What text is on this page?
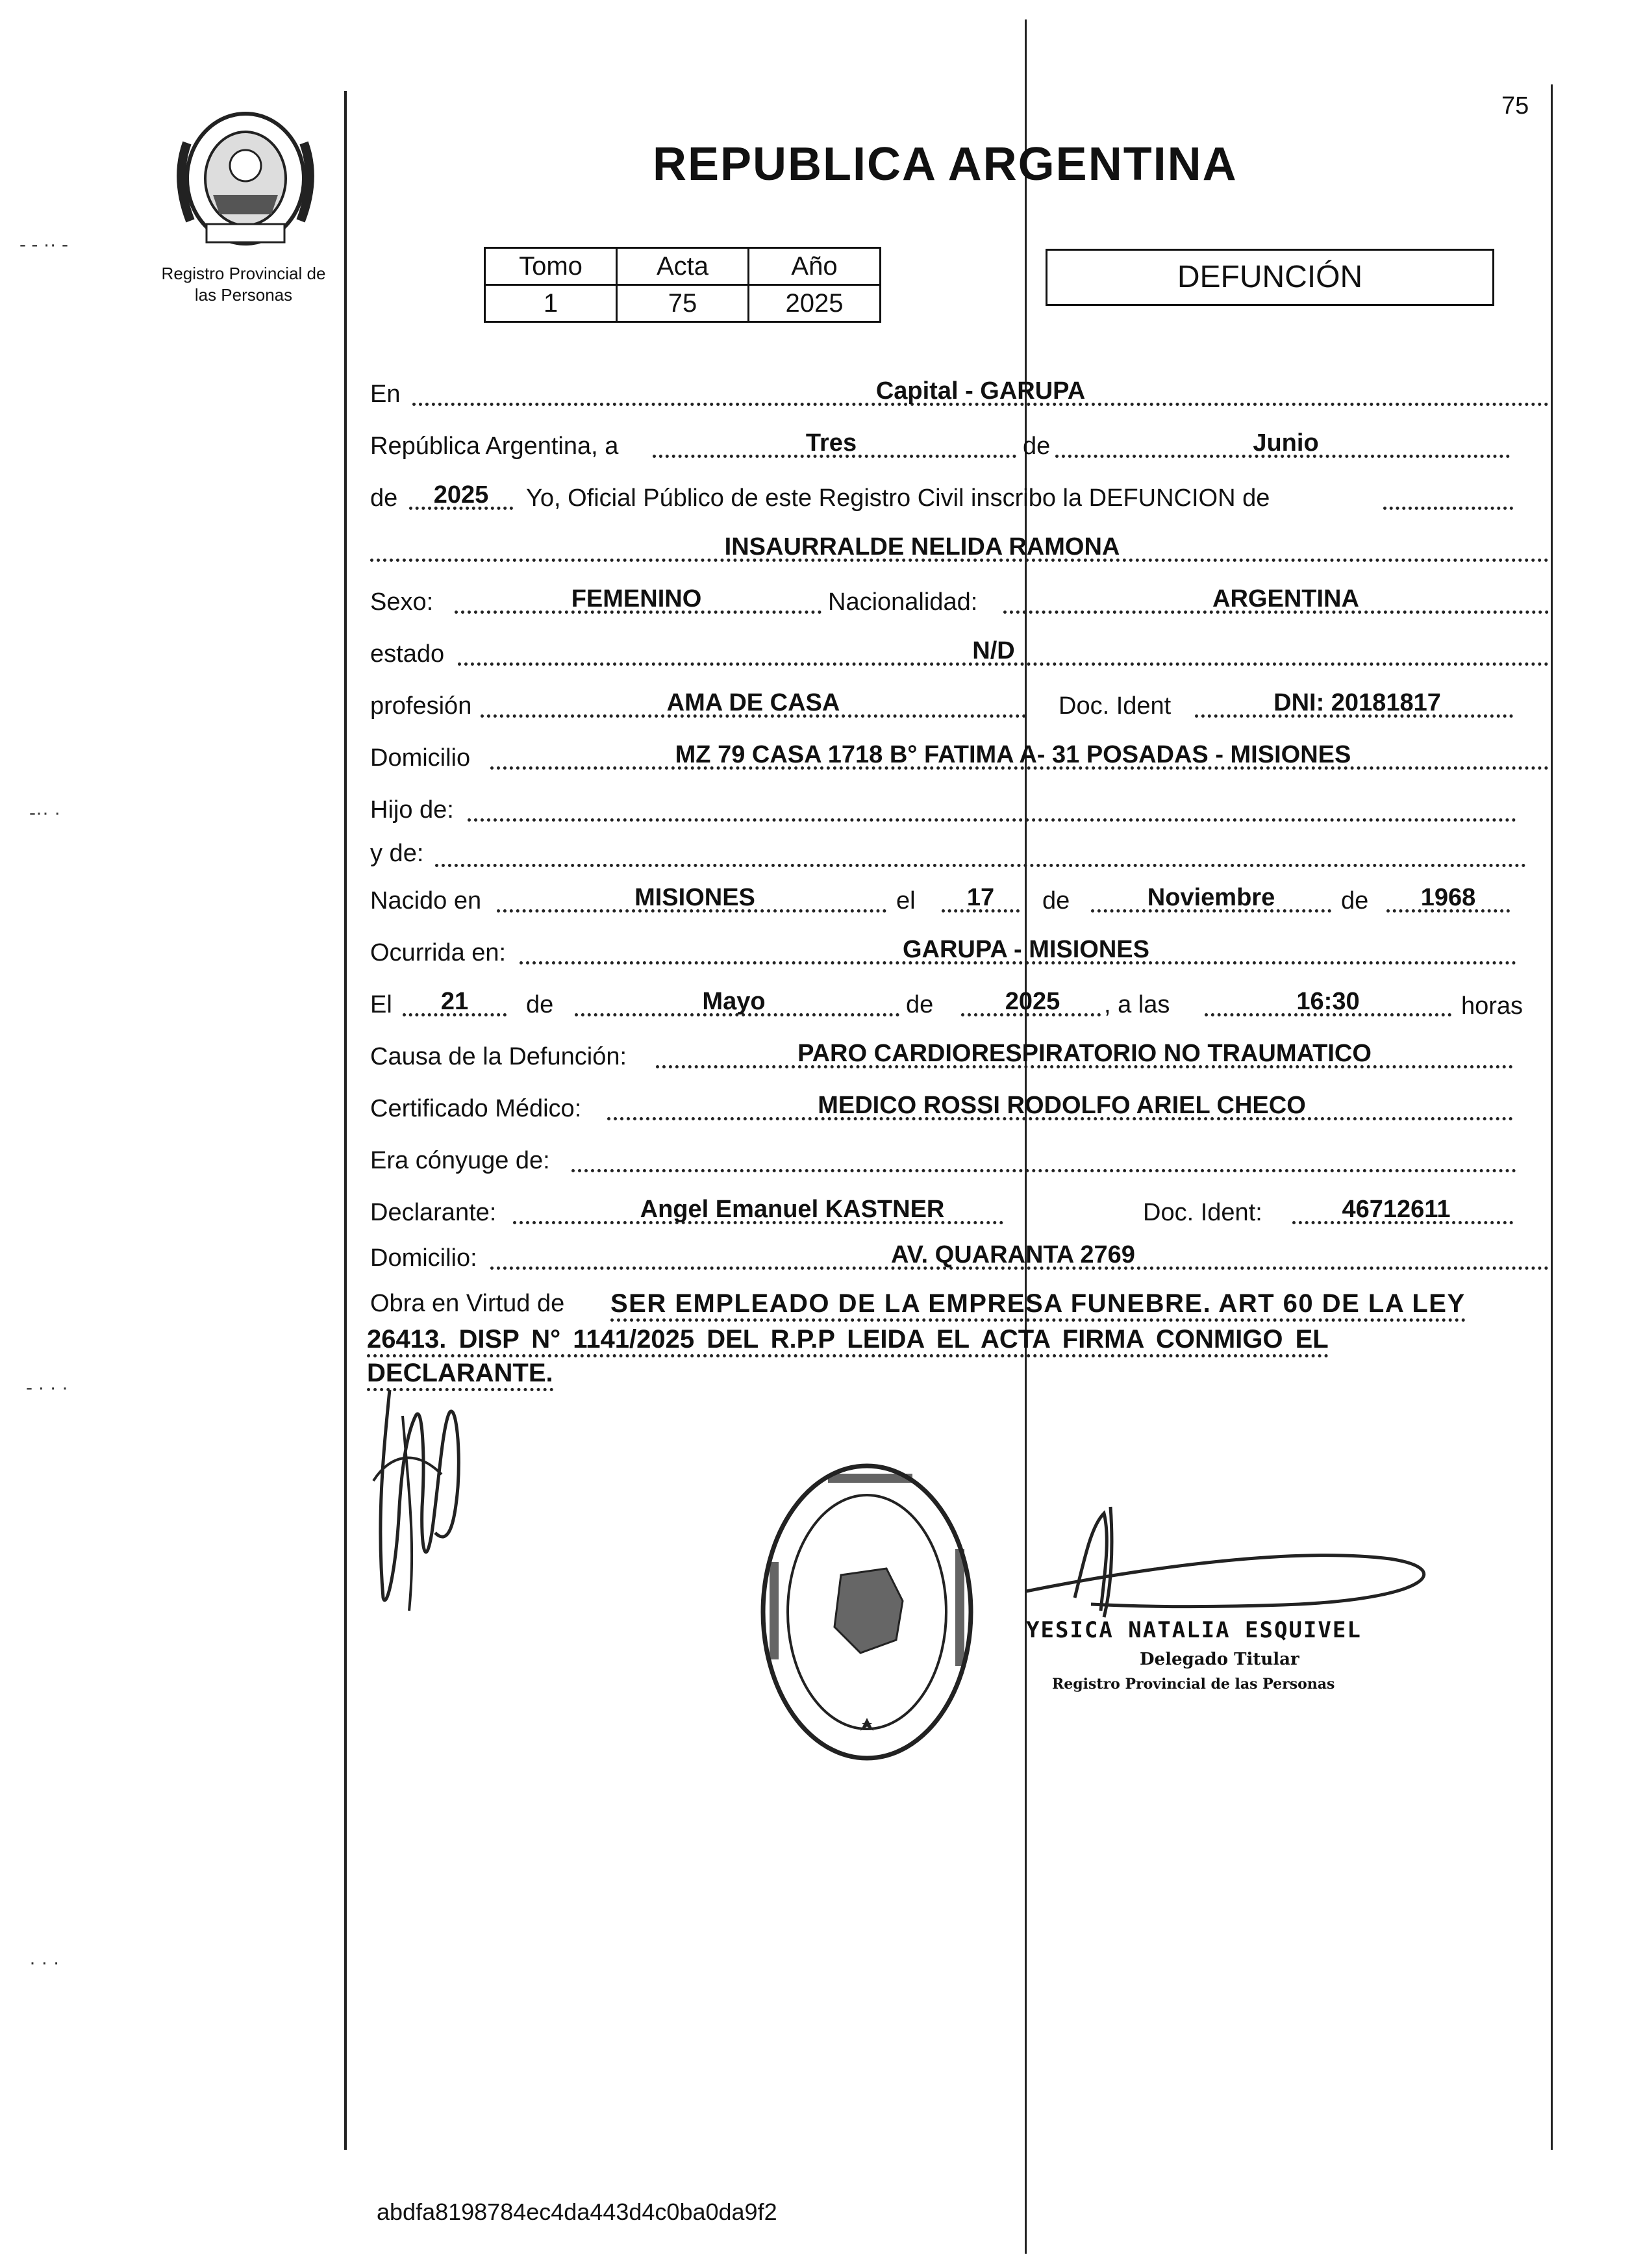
75
Registro Provincial de
las Personas
REPUBLICA ARGENTINA
Tomo	Acta	Año
1	75	2025
DEFUNCIÓN
En	Capital - GARUPA
República Argentina, a	Tres	de	Junio
de	2025	Yo, Oficial Público de este Registro Civil inscribo la DEFUNCION de
INSAURRALDE NELIDA RAMONA
Sexo:	FEMENINO	Nacionalidad:	ARGENTINA
estado	N/D
profesión	AMA DE CASA	Doc. Ident	DNI: 20181817
Domicilio	MZ 79 CASA 1718 B° FATIMA A- 31 POSADAS - MISIONES
Hijo de:
y de:
Nacido en	MISIONES	el	17	de	Noviembre	de	1968
Ocurrida en:	GARUPA - MISIONES
El	21	de	Mayo	de	2025	, a las	16:30	horas
Causa de la Defunción:	PARO CARDIORESPIRATORIO NO TRAUMATICO
Certificado Médico:	MEDICO ROSSI RODOLFO ARIEL CHECO
Era cónyuge de:
Declarante:	Angel Emanuel KASTNER	Doc. Ident:	46712611
Domicilio:	AV. QUARANTA 2769
Obra en Virtud de SER EMPLEADO DE LA EMPRESA FUNEBRE. ART 60 DE LA LEY
26413. DISP N° 1141/2025 DEL R.P.P LEIDA EL ACTA FIRMA CONMIGO EL
DECLARANTE.
YESICA NATALIA ESQUIVEL
Delegado Titular
Registro Provincial de las Personas
abdfa8198784ec4da443d4c0ba0da9f2
- - ·· -
-·· ·
- · · ·
· · ·
